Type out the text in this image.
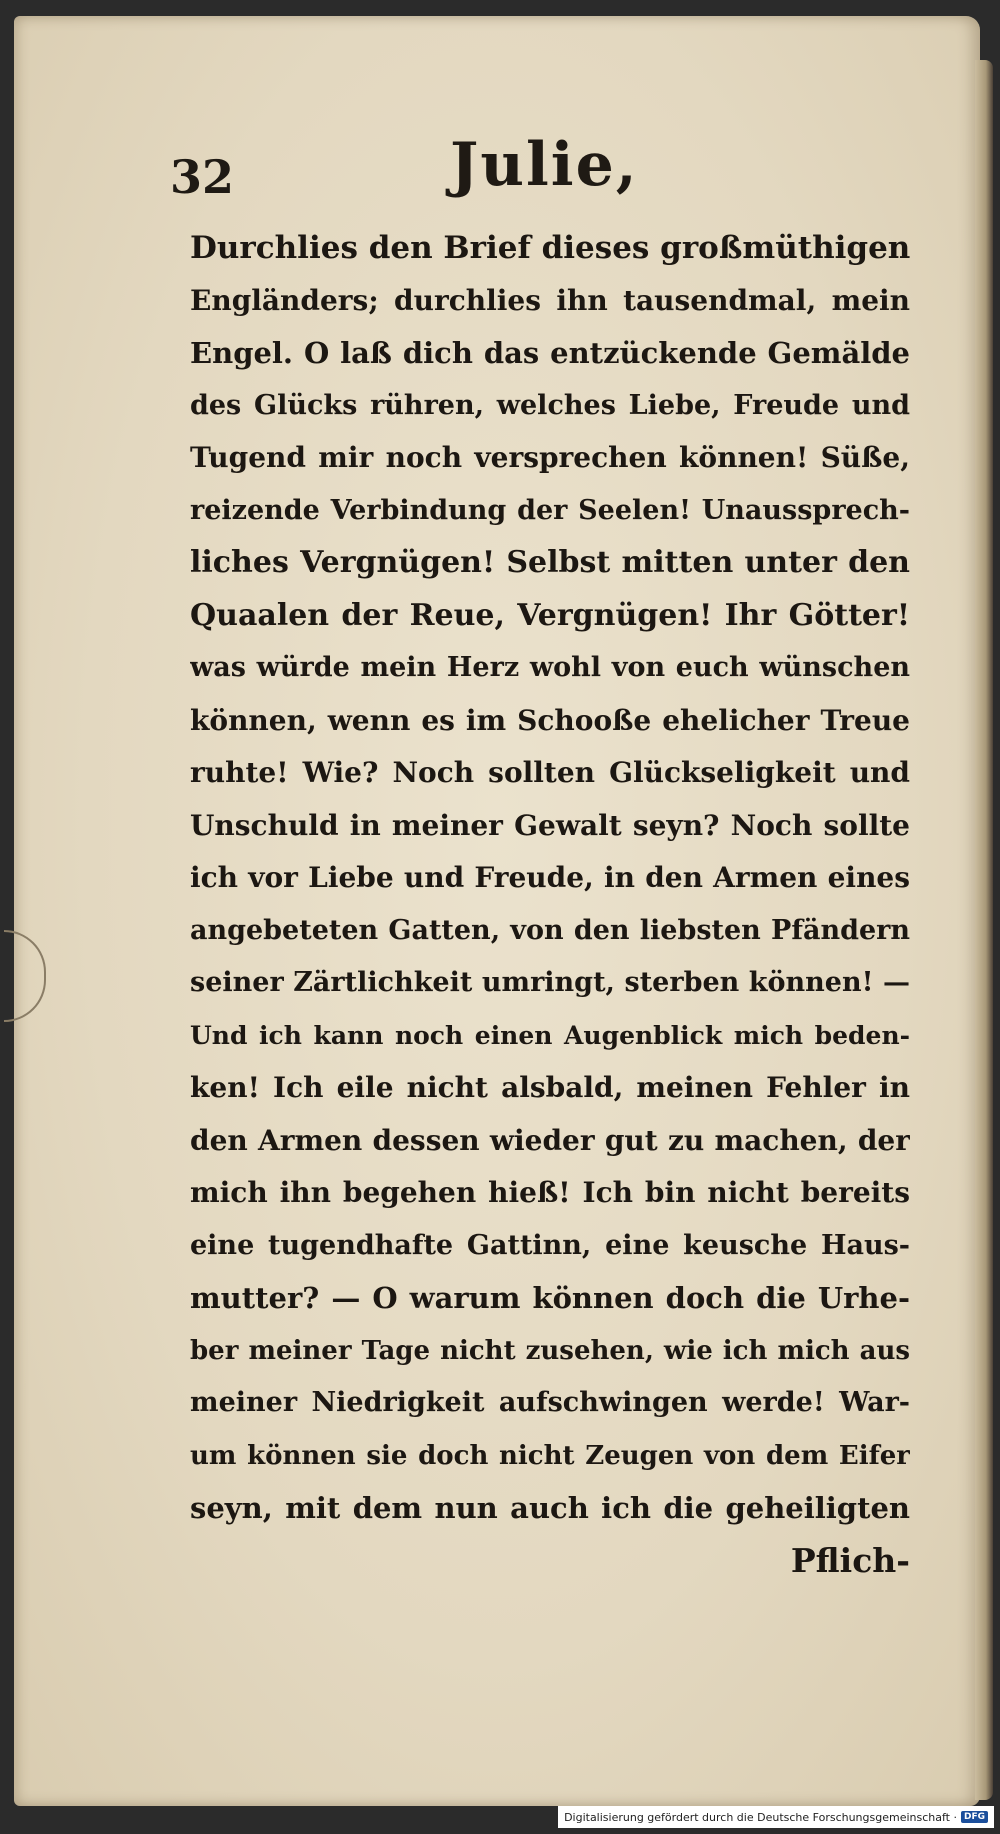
32	Julie,
Durchlies den Brief dieses großmüthigen
Engländers; durchlies ihn tausendmal, mein
Engel. O laß dich das entzückende Gemälde
des Glücks rühren, welches Liebe, Freude und
Tugend mir noch versprechen können! Süße,
reizende Verbindung der Seelen! Unaussprech-
liches Vergnügen! Selbst mitten unter den
Quaalen der Reue, Vergnügen! Ihr Götter!
was würde mein Herz wohl von euch wünschen
können, wenn es im Schooße ehelicher Treue
ruhte! Wie? Noch sollten Glückseligkeit und
Unschuld in meiner Gewalt seyn? Noch sollte
ich vor Liebe und Freude, in den Armen eines
angebeteten Gatten, von den liebsten Pfändern
seiner Zärtlichkeit umringt, sterben können! —
Und ich kann noch einen Augenblick mich beden-
ken! Ich eile nicht alsbald, meinen Fehler in
den Armen dessen wieder gut zu machen, der
mich ihn begehen hieß! Ich bin nicht bereits
eine tugendhafte Gattinn, eine keusche Haus-
mutter? — O warum können doch die Urhe-
ber meiner Tage nicht zusehen, wie ich mich aus
meiner Niedrigkeit aufschwingen werde! War-
um können sie doch nicht Zeugen von dem Eifer
seyn, mit dem nun auch ich die geheiligten
Pflich-
Digitalisierung gefördert durch die Deutsche Forschungsgemeinschaft · DFG
